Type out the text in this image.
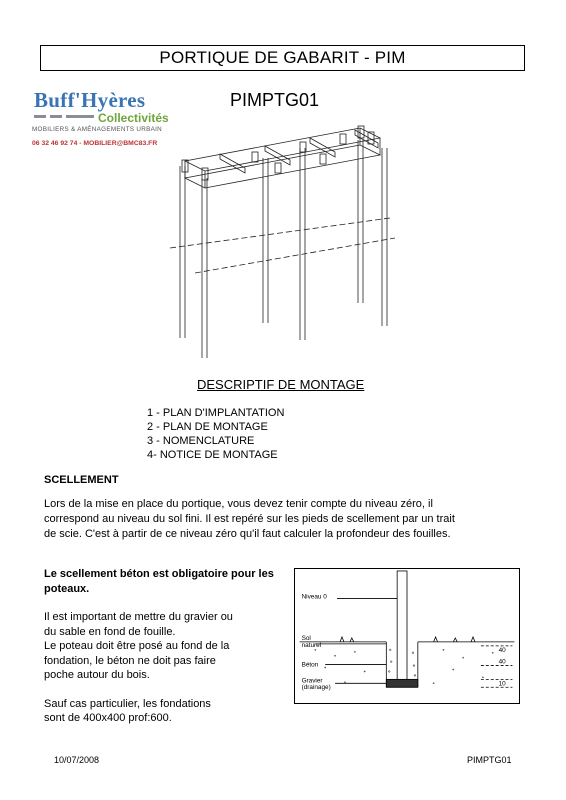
PORTIQUE DE GABARIT - PIM
Buff'Hyères
Collectivités
MOBILIERS & AMÉNAGEMENTS URBAIN
06 32 46 92 74 - MOBILIER@BMC83.FR
PIMPTG01
DESCRIPTIF DE MONTAGE
1 - PLAN D'IMPLANTATION
2 - PLAN DE MONTAGE
3 - NOMENCLATURE
4- NOTICE DE MONTAGE
SCELLEMENT
Lors de la mise en place du portique, vous devez tenir compte du niveau zéro, il correspond au niveau du sol fini. Il est repéré sur les pieds de scellement par un trait de scie. C'est à partir de ce niveau zéro qu'il faut calculer la profondeur des fouilles.
Le scellement béton est obligatoire pour les poteaux.
Il est important de mettre du gravier ou
du sable en fond de fouille.
Le poteau doit être posé au fond de la
fondation, le béton ne doit pas faire
poche autour du bois.
Sauf cas particulier, les fondations
sont de 400x400 prof:600.
Niveau 0
Sol
naturel
Béton
Gravier
(drainage)
40
40
10
10/07/2008	PIMPTG01
